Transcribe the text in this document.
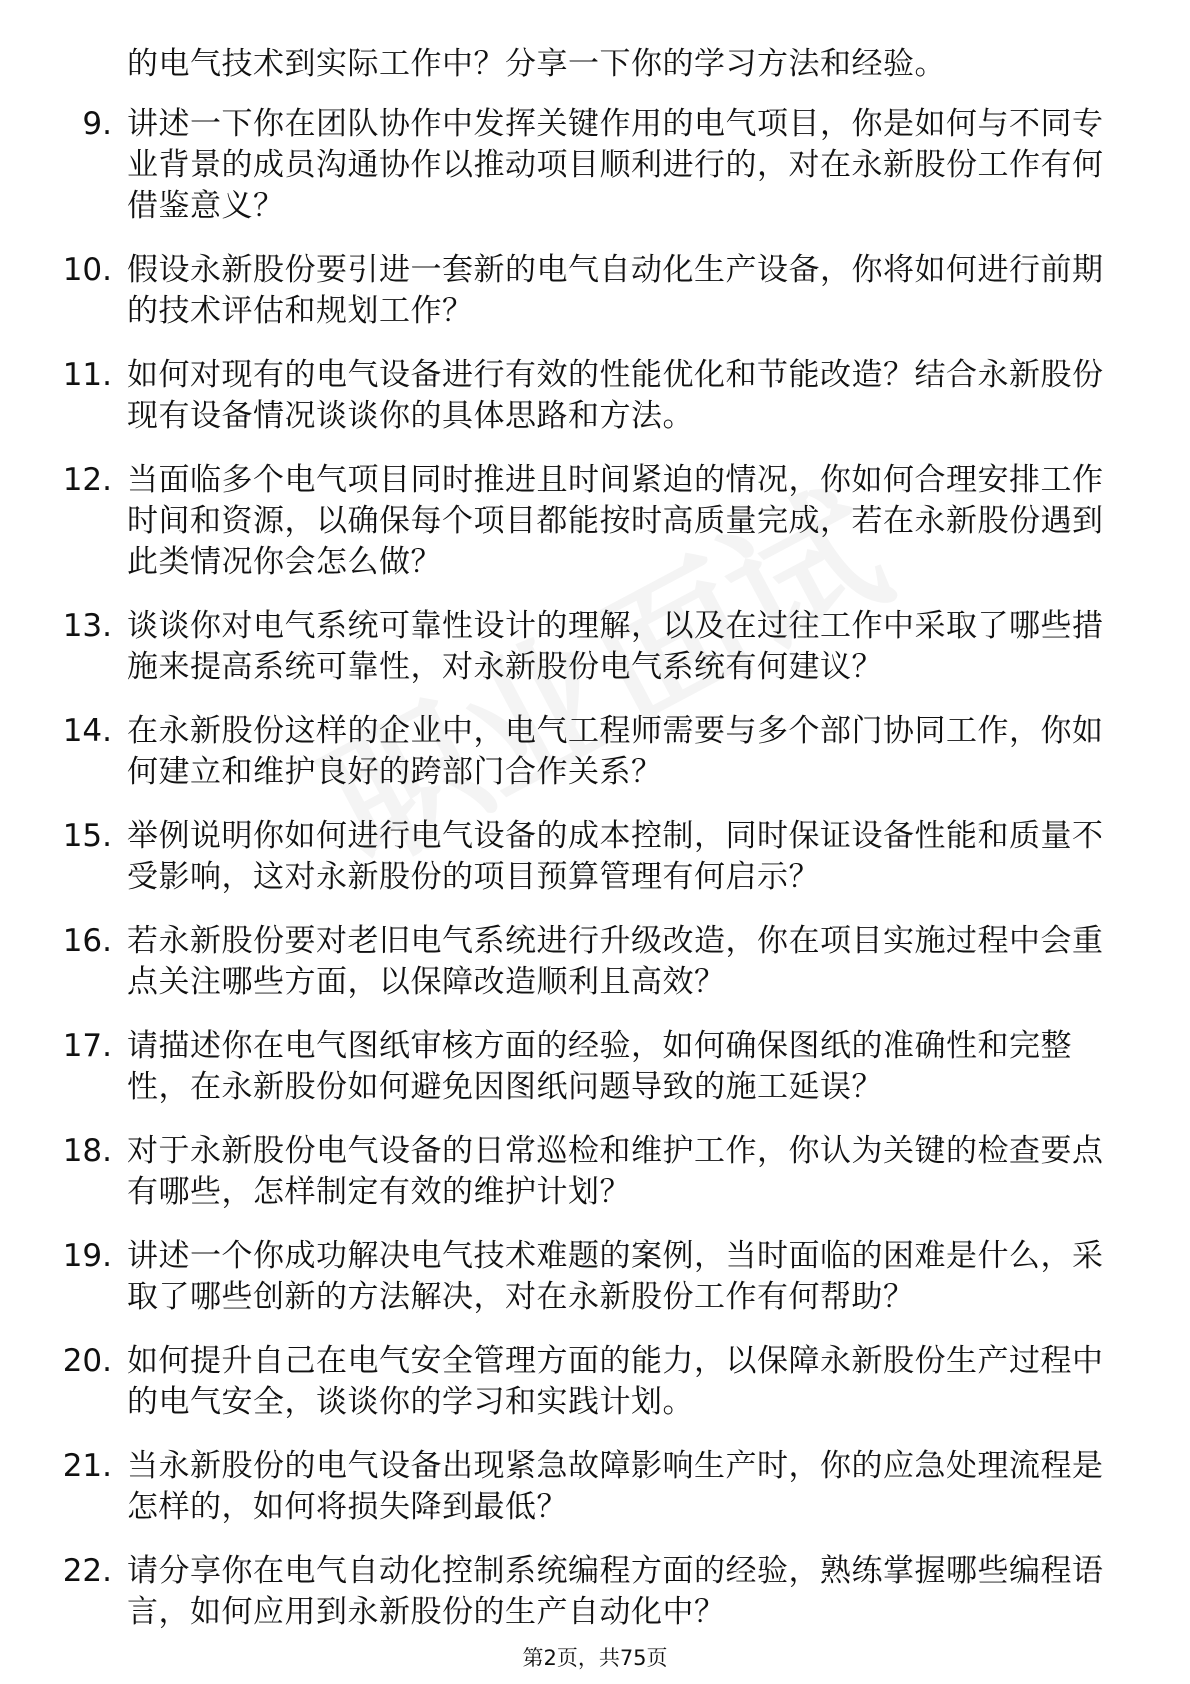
的电气技术到实际工作中？分享一下你的学习方法和经验。

9. 讲述一下你在团队协作中发挥关键作用的电气项目，你是如何与不同专业背景的成员沟通协作以推动项目顺利进行的，对在永新股份工作有何借鉴意义？
10. 假设永新股份要引进一套新的电气自动化生产设备，你将如何进行前期的技术评估和规划工作？
11. 如何对现有的电气设备进行有效的性能优化和节能改造？结合永新股份现有设备情况谈谈你的具体思路和方法。
12. 当面临多个电气项目同时推进且时间紧迫的情况，你如何合理安排工作时间和资源，以确保每个项目都能按时高质量完成，若在永新股份遇到此类情况你会怎么做？
13. 谈谈你对电气系统可靠性设计的理解，以及在过往工作中采取了哪些措施来提高系统可靠性，对永新股份电气系统有何建议？
14. 在永新股份这样的企业中，电气工程师需要与多个部门协同工作，你如何建立和维护良好的跨部门合作关系？
15. 举例说明你如何进行电气设备的成本控制，同时保证设备性能和质量不受影响，这对永新股份的项目预算管理有何启示？
16. 若永新股份要对老旧电气系统进行升级改造，你在项目实施过程中会重点关注哪些方面，以保障改造顺利且高效？
17. 请描述你在电气图纸审核方面的经验，如何确保图纸的准确性和完整性，在永新股份如何避免因图纸问题导致的施工延误？
18. 对于永新股份电气设备的日常巡检和维护工作，你认为关键的检查要点有哪些，怎样制定有效的维护计划？
19. 讲述一个你成功解决电气技术难题的案例，当时面临的困难是什么，采取了哪些创新的方法解决，对在永新股份工作有何帮助？
20. 如何提升自己在电气安全管理方面的能力，以保障永新股份生产过程中的电气安全，谈谈你的学习和实践计划。
21. 当永新股份的电气设备出现紧急故障影响生产时，你的应急处理流程是怎样的，如何将损失降到最低？
22. 请分享你在电气自动化控制系统编程方面的经验，熟练掌握哪些编程语言，如何应用到永新股份的生产自动化中？
第2页，共75页
